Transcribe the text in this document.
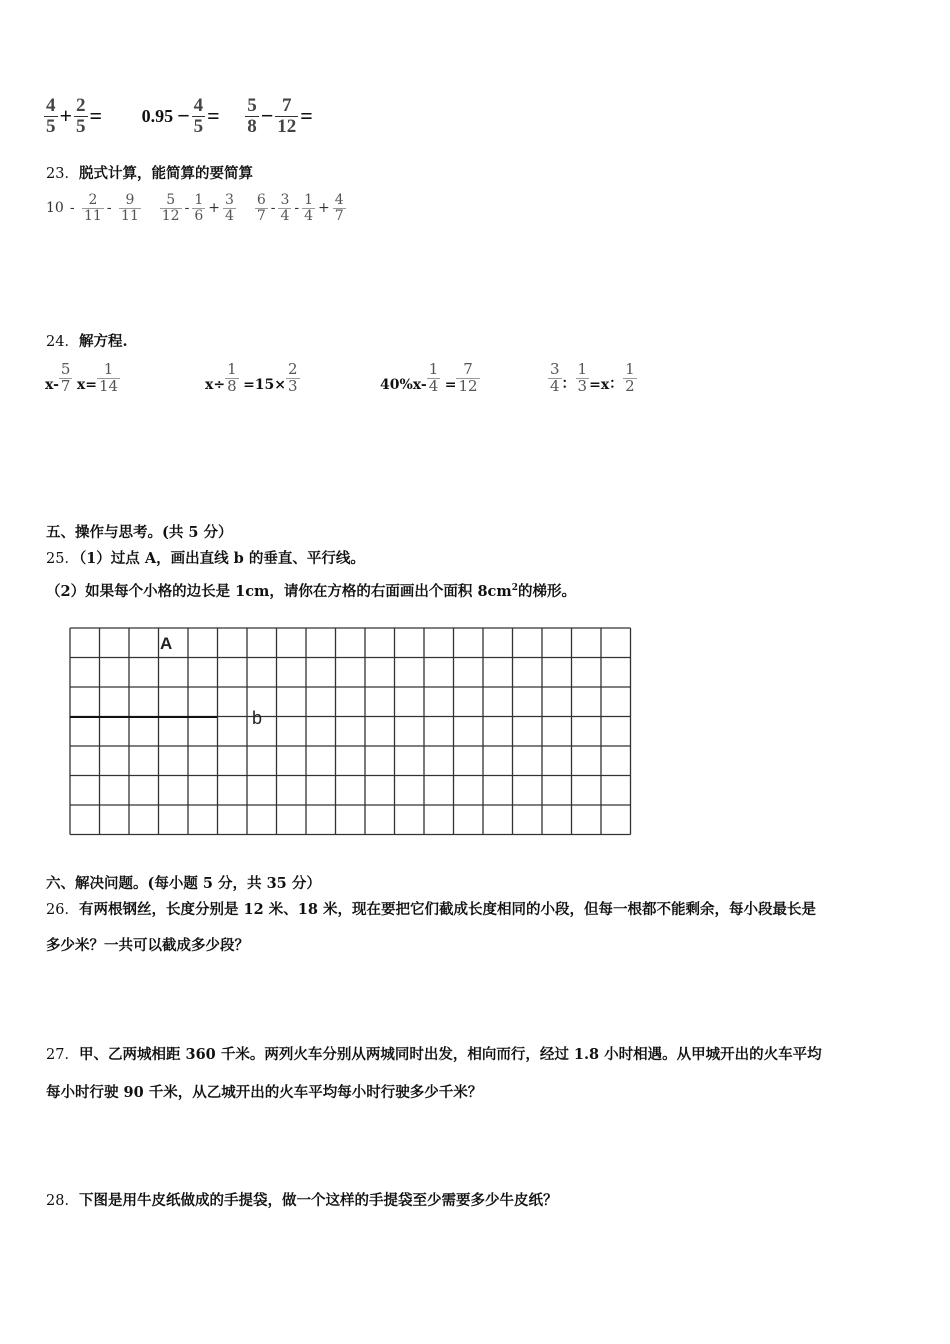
$\frac{4}{5} + \frac{2}{5} = 0.95 - \frac{4}{5} = \frac{5}{8} - \frac{7}{12}$ =
23．脱式计算，能简算的要简算
$10 - \frac{2}{11} - \frac{9}{11}$
$\frac{5}{12} - \frac{1}{6} + \frac{3}{4}$
$\frac{6}{7} - \frac{3}{4} - \frac{1}{4} + \frac{4}{7}$
24．解方程.
$x- \frac{5}{7} x= \frac{1}{14}$	$x\div \frac{1}{8} =15\times \frac{2}{3}$	$40\%x- \frac{1}{4} = \frac{7}{12}$	$\frac{3}{4}$ ： $\frac{1}{3} =x$： $\frac{1}{2}$
五、操作与思考。(共 5 分）
25．（1）过点 A，画出直线 b 的垂直、平行线。
（2）如果每个小格的边长是 1cm，请你在方格的右面画出个面积 $8cm^2$的梯形。
A
b
六、解决问题。(每小题 5 分，共 35 分）
26．有两根钢丝，长度分别是 12 米、18 米，现在要把它们截成长度相同的小段，但每一根都不能剩余，每小段最长是
多少米？一共可以截成多少段？
27．甲、乙两城相距 360 千米。两列火车分别从两城同时出发，相向而行，经过 1.8 小时相遇。从甲城开出的火车平均
每小时行驶 90 千米，从乙城开出的火车平均每小时行驶多少千米？
28．下图是用牛皮纸做成的手提袋，做一个这样的手提袋至少需要多少牛皮纸？
